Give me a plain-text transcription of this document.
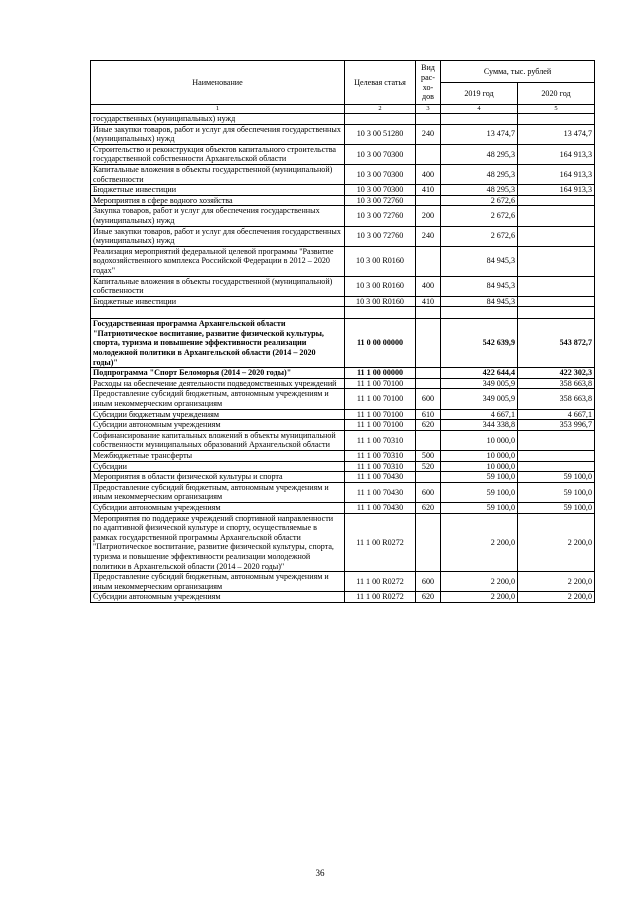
Наименование	Целевая статья	Вид рас- хо- дов	Сумма, тыс. рублей	
			2019 год	2020 год
1	2	3	4	5
государственных (муниципальных) нужд				
Иные закупки товаров, работ и услуг для обеспечения государственных (муниципальных) нужд	10 3 00 51280	240	13 474,7	13 474,7
Строительство и реконструкция объектов капитального строительства государственной собственности Архангельской области	10 3 00 70300		48 295,3	164 913,3
Капитальные вложения в объекты государственной (муниципальной) собственности	10 3 00 70300	400	48 295,3	164 913,3
Бюджетные инвестиции	10 3 00 70300	410	48 295,3	164 913,3
Мероприятия в сфере водного хозяйства	10 3 00 72760		2 672,6	
Закупка товаров, работ и услуг для обеспечения государственных (муниципальных) нужд	10 3 00 72760	200	2 672,6	
Иные закупки товаров, работ и услуг для обеспечения государственных (муниципальных) нужд	10 3 00 72760	240	2 672,6	
Реализация мероприятий федеральной целевой программы "Развитие водохозяйственного комплекса Российской Федерации в 2012 – 2020 годах"	10 3 00 R0160		84 945,3	
Капитальные вложения в объекты государственной (муниципальной) собственности	10 3 00 R0160	400	84 945,3	
Бюджетные инвестиции	10 3 00 R0160	410	84 945,3	

Государственная программа Архангельской области "Патриотическое воспитание, развитие физической культуры, спорта, туризма и повышение эффективности реализации молодежной политики в Архангельской области (2014 – 2020 годы)"	11 0 00 00000		542 639,9	543 872,7
Подпрограмма "Спорт Беломорья (2014 – 2020 годы)"	11 1 00 00000		422 644,4	422 302,3
Расходы на обеспечение деятельности подведомственных учреждений	11 1 00 70100		349 005,9	358 663,8
Предоставление субсидий бюджетным, автономным учреждениям и иным некоммерческим организациям	11 1 00 70100	600	349 005,9	358 663,8
Субсидии бюджетным учреждениям	11 1 00 70100	610	4 667,1	4 667,1
Субсидии автономным учреждениям	11 1 00 70100	620	344 338,8	353 996,7
Софинансирование капитальных вложений в объекты муниципальной собственности муниципальных образований Архангельской области	11 1 00 70310		10 000,0	
Межбюджетные трансферты	11 1 00 70310	500	10 000,0	
Субсидии	11 1 00 70310	520	10 000,0	
Мероприятия в области физической культуры и спорта	11 1 00 70430		59 100,0	59 100,0
Предоставление субсидий бюджетным, автономным учреждениям и иным некоммерческим организациям	11 1 00 70430	600	59 100,0	59 100,0
Субсидии автономным учреждениям	11 1 00 70430	620	59 100,0	59 100,0
Мероприятия по поддержке учреждений спортивной направленности по адаптивной физической культуре и спорту, осуществляемые в рамках государственной программы Архангельской области "Патриотическое воспитание, развитие физической культуры, спорта, туризма и повышение эффективности реализации молодежной политики в Архангельской области (2014 – 2020 годы)"	11 1 00 R0272		2 200,0	2 200,0
Предоставление субсидий бюджетным, автономным учреждениям и иным некоммерческим организациям	11 1 00 R0272	600	2 200,0	2 200,0
Субсидии автономным учреждениям	11 1 00 R0272	620	2 200,0	2 200,0
36
